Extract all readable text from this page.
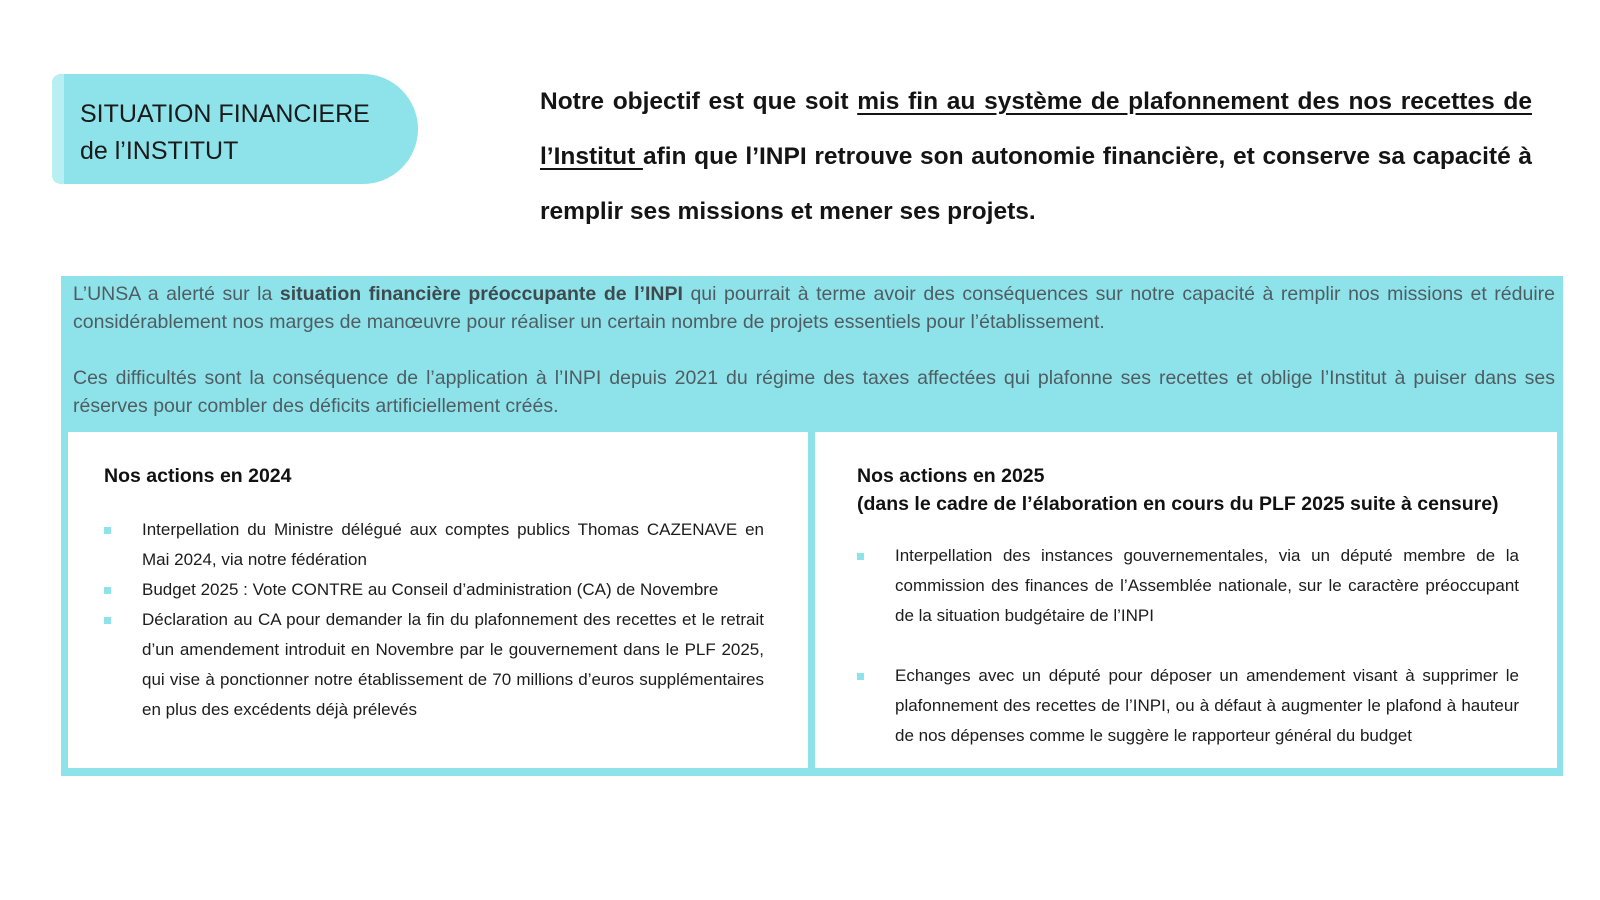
SITUATION FINANCIERE
de l’INSTITUT
Notre objectif est que soit mis fin au système de plafonnement des nos recettes de l’Institut afin que l’INPI retrouve son autonomie financière, et conserve sa capacité à remplir ses missions et mener ses projets.

L’UNSA a alerté sur la situation financière préoccupante de l’INPI qui pourrait à terme avoir des conséquences sur notre capacité à remplir nos missions et réduire considérablement nos marges de manœuvre pour réaliser un certain nombre de projets essentiels pour l’établissement.

Ces difficultés sont la conséquence de l’application à l’INPI depuis 2021 du régime des taxes affectées qui plafonne ses recettes et oblige l’Institut à puiser dans ses réserves pour combler des déficits artificiellement créés.

Nos actions en 2024
Interpellation du Ministre délégué aux comptes publics Thomas CAZENAVE en Mai 2024, via notre fédération
Budget 2025 : Vote CONTRE au Conseil d’administration (CA) de Novembre
Déclaration au CA pour demander la fin du plafonnement des recettes et le retrait d’un amendement introduit en Novembre par le gouvernement dans le PLF 2025, qui vise à ponctionner notre établissement de 70 millions d’euros supplémentaires en plus des excédents déjà prélevés
Nos actions en 2025
(dans le cadre de l’élaboration en cours du PLF 2025 suite à censure)
Interpellation des instances gouvernementales, via un député membre de la commission des finances de l’Assemblée nationale, sur le caractère préoccupant de la situation budgétaire de l’INPI
Echanges avec un député pour déposer un amendement visant à supprimer le plafonnement des recettes de l’INPI, ou à défaut à augmenter le plafond à hauteur de nos dépenses comme le suggère le rapporteur général du budget
